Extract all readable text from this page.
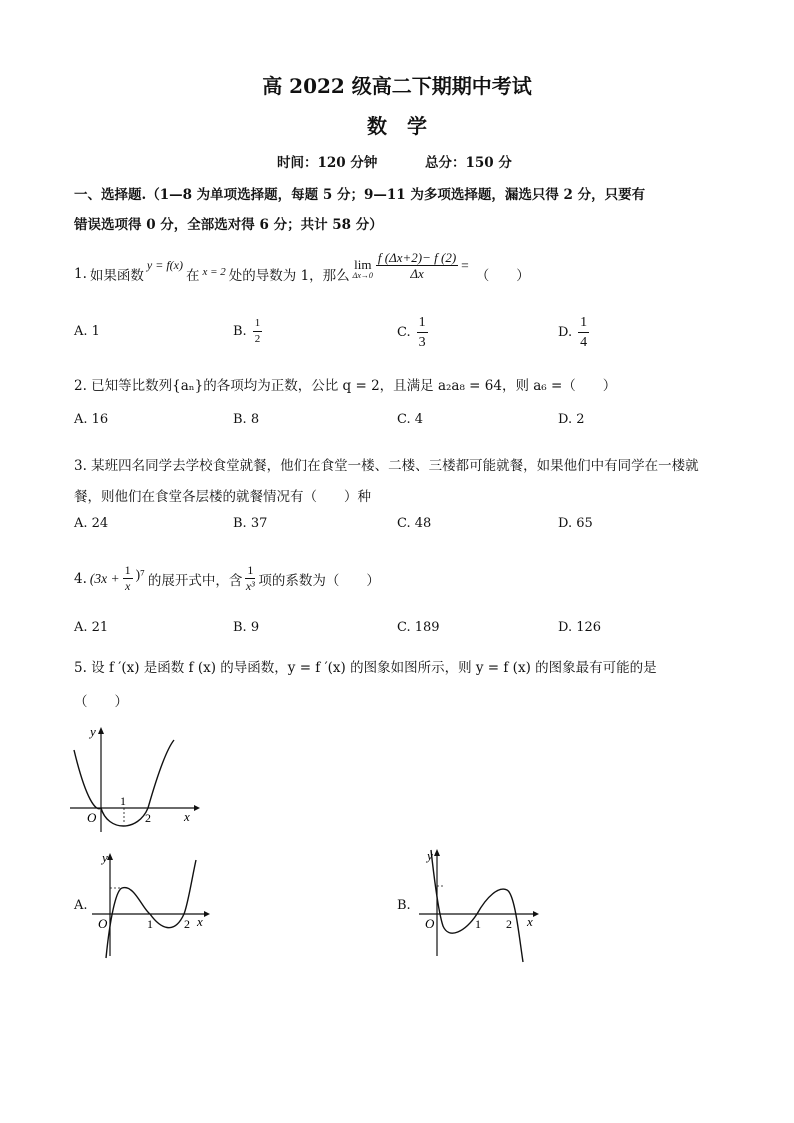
高 2022 级高二下期期中考试
数　学
时间：120 分钟	总分：150 分
一、选择题.（1—8 为单项选择题，每题 5 分；9—11 为多项选择题，漏选只得 2 分，只要有
错误选项得 0 分，全部选对得 6 分；共计 58 分）
1. 如果函数
y = f(x)
在 x = 2 处的导数为 1，那么
lim
$\Delta x\to 0 \frac{f (\Delta x+2)- f (2)}{\Delta x}$ =
（　　）
A. 1	B. $\frac{1}{2}$	C. $\frac{1}{3}$	D. $\frac{1}{4}$
2. 已知等比数列{aₙ}的各项均为正数，公比 q = 2，且满足 a₂a₈ = 64，则 a₆ =（　　）
A. 16	B. 8	C. 4	D. 2
3. 某班四名同学去学校食堂就餐，他们在食堂一楼、二楼、三楼都可能就餐，如果他们中有同学在一楼就
餐，则他们在食堂各层楼的就餐情况有（　　）种
A. 24	B. 37	C. 48	D. 65
4. $(3x + \frac{1}{x} )^7$ 的展开式中，含 $\frac{1}{\text{x³}}$ 项的系数为（　　）
A. 21	B. 9	C. 189	D. 126
5. 设 f ′(x) 是函数 f (x) 的导函数，y = f ′(x) 的图象如图所示，则 y = f (x) 的图象最有可能的是
（　　）
y
x
O
1
2
A.
y
x
O	1	2
B.
y
x
O	1 2
